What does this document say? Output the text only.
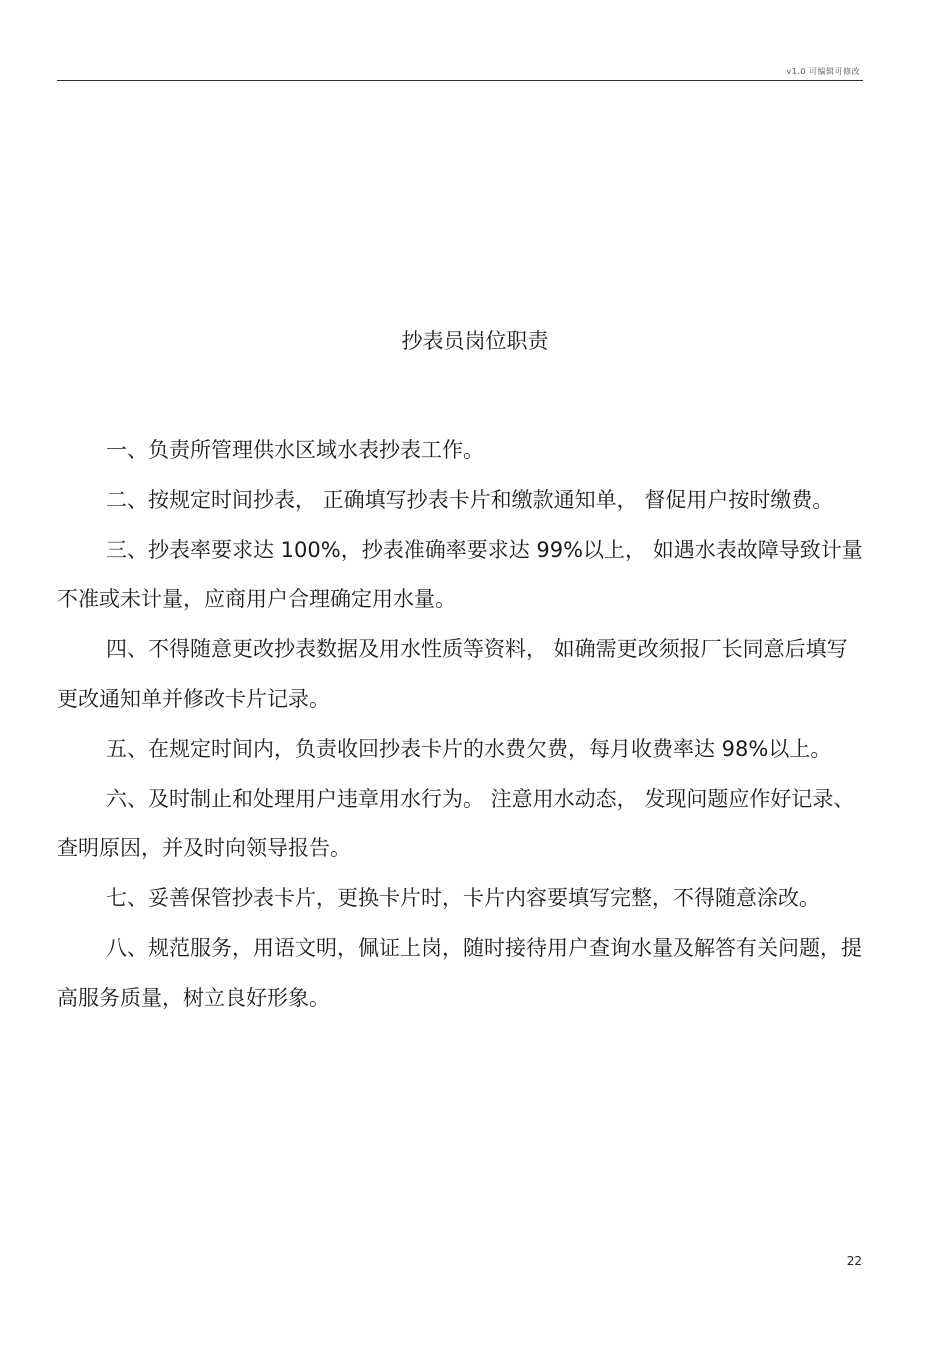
v1.0 可编辑可修改
抄表员岗位职责

一、负责所管理供水区域水表抄表工作。

二、按规定时间抄表， 正确填写抄表卡片和缴款通知单， 督促用户按时缴费。

三、抄表率要求达 100%，抄表准确率要求达 99%以上， 如遇水表故障导致计量不准或未计量，应商用户合理确定用水量。

四、不得随意更改抄表数据及用水性质等资料， 如确需更改须报厂长同意后填写更改通知单并修改卡片记录。

五、在规定时间内，负责收回抄表卡片的水费欠费，每月收费率达 98%以上。

六、及时制止和处理用户违章用水行为。 注意用水动态， 发现问题应作好记录、查明原因，并及时向领导报告。

七、妥善保管抄表卡片，更换卡片时，卡片内容要填写完整，不得随意涂改。

八、规范服务，用语文明，佩证上岗，随时接待用户查询水量及解答有关问题，提高服务质量，树立良好形象。

22
